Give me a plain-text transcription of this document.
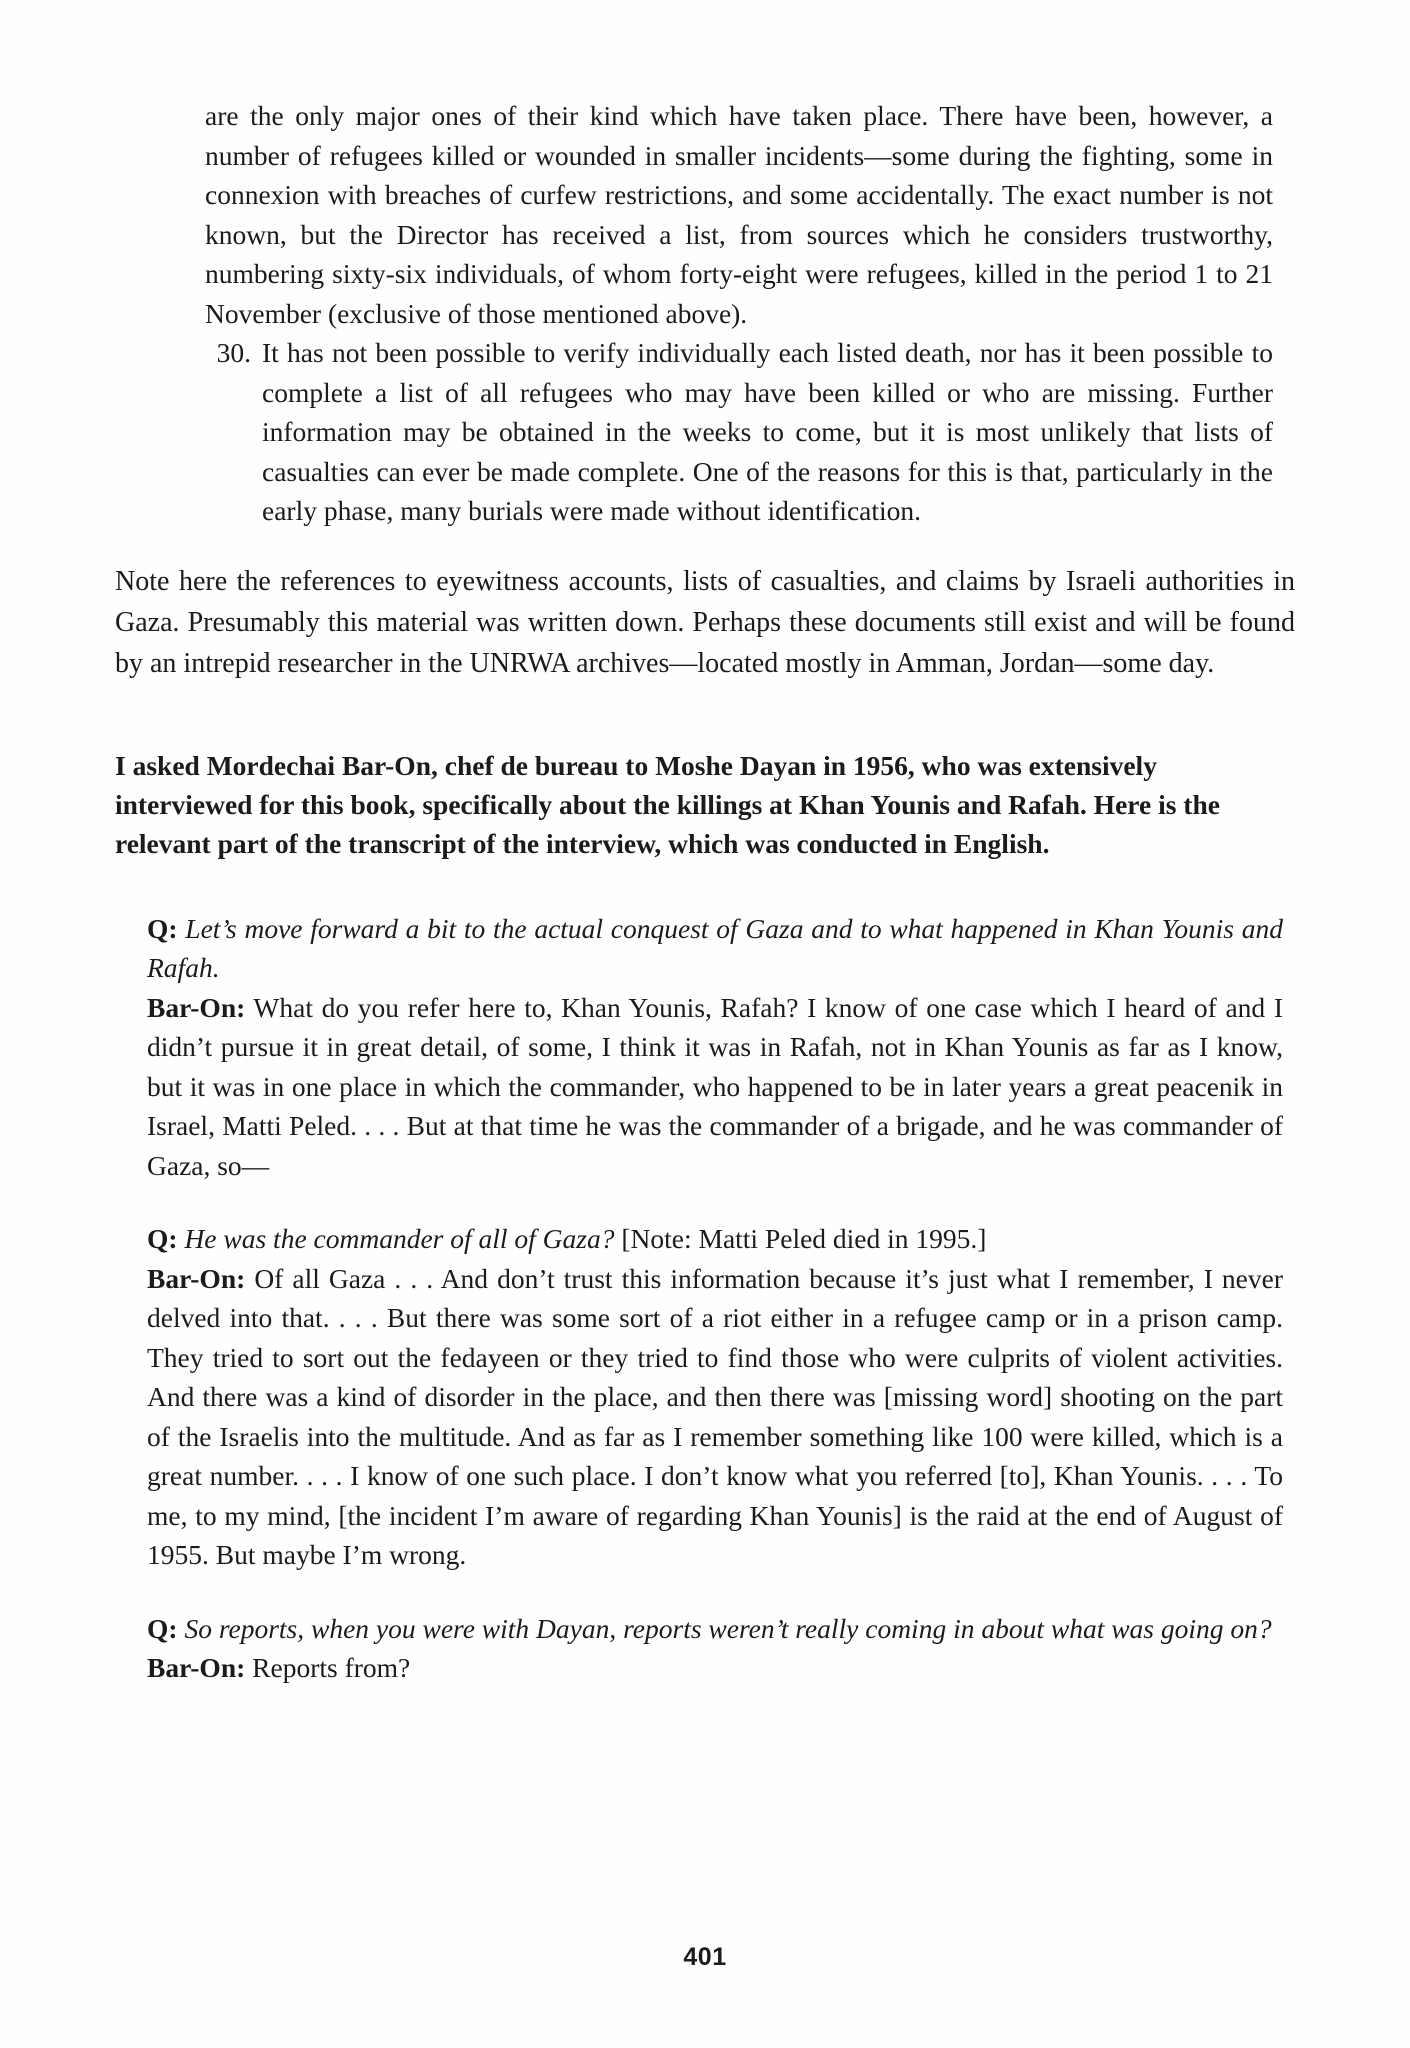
are the only major ones of their kind which have taken place. There have been, however, a number of refugees killed or wounded in smaller incidents—some during the fighting, some in connexion with breaches of curfew restrictions, and some accidentally. The exact number is not known, but the Director has received a list, from sources which he considers trustworthy, numbering sixty-six individuals, of whom forty-eight were refugees, killed in the period 1 to 21 November (exclusive of those mentioned above).

30. It has not been possible to verify individually each listed death, nor has it been possible to complete a list of all refugees who may have been killed or who are missing. Further information may be obtained in the weeks to come, but it is most unlikely that lists of casualties can ever be made complete. One of the reasons for this is that, particularly in the early phase, many burials were made without identification.

Note here the references to eyewitness accounts, lists of casualties, and claims by Israeli authorities in Gaza. Presumably this material was written down. Perhaps these documents still exist and will be found by an intrepid researcher in the UNRWA archives—located mostly in Amman, Jordan—some day.

I asked Mordechai Bar-On, chef de bureau to Moshe Dayan in 1956, who was extensively interviewed for this book, specifically about the killings at Khan Younis and Rafah. Here is the relevant part of the transcript of the interview, which was conducted in English.

Q: Let’s move forward a bit to the actual conquest of Gaza and to what happened in Khan Younis and Rafah.

Bar-On: What do you refer here to, Khan Younis, Rafah? I know of one case which I heard of and I didn’t pursue it in great detail, of some, I think it was in Rafah, not in Khan Younis as far as I know, but it was in one place in which the commander, who happened to be in later years a great peacenik in Israel, Matti Peled. . . . But at that time he was the commander of a brigade, and he was commander of Gaza, so—

Q: He was the commander of all of Gaza? [Note: Matti Peled died in 1995.]

Bar-On: Of all Gaza . . . And don’t trust this information because it’s just what I remember, I never delved into that. . . . But there was some sort of a riot either in a refugee camp or in a prison camp. They tried to sort out the fedayeen or they tried to find those who were culprits of violent activities. And there was a kind of disorder in the place, and then there was [missing word] shooting on the part of the Israelis into the multitude. And as far as I remember something like 100 were killed, which is a great number. . . . I know of one such place. I don’t know what you referred [to], Khan Younis. . . . To me, to my mind, [the incident I’m aware of regarding Khan Younis] is the raid at the end of August of 1955. But maybe I’m wrong.

Q: So reports, when you were with Dayan, reports weren’t really coming in about what was going on?

Bar-On: Reports from?

401
